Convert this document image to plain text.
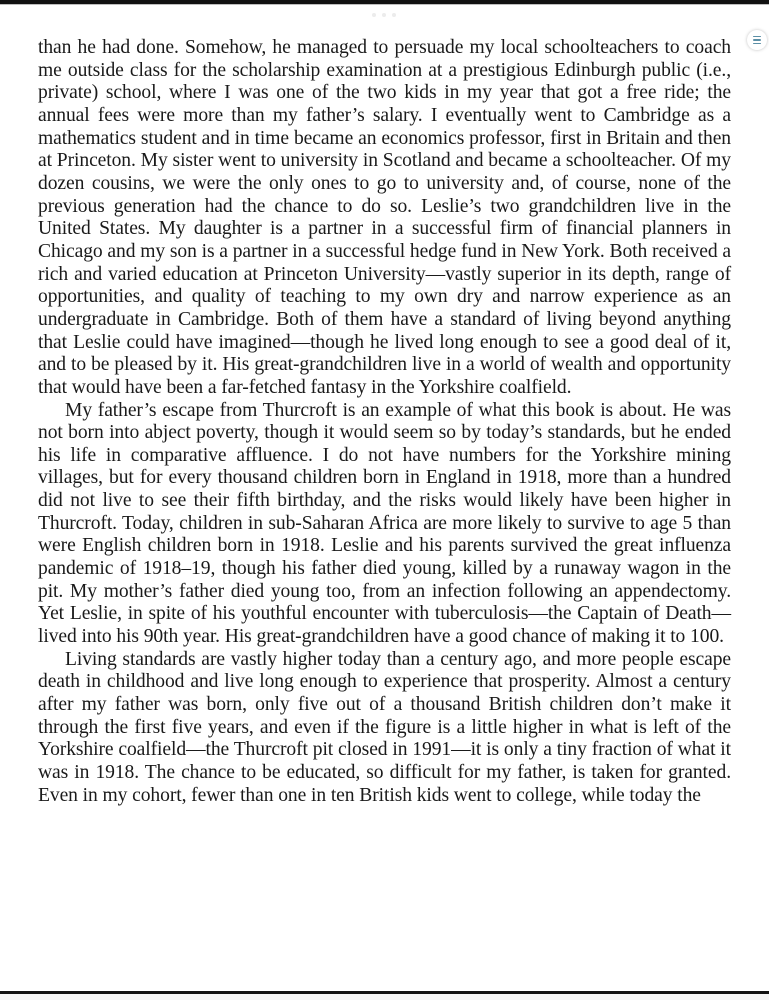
than he had done. Somehow, he managed to persuade my local schoolteachers to coach me outside class for the scholarship examination at a prestigious Edinburgh public (i.e., private) school, where I was one of the two kids in my year that got a free ride; the annual fees were more than my father’s salary. I eventually went to Cambridge as a mathematics student and in time became an economics professor, first in Britain and then at Princeton. My sister went to university in Scotland and became a schoolteacher. Of my dozen cousins, we were the only ones to go to university and, of course, none of the previous generation had the chance to do so. Leslie’s two grandchildren live in the United States. My daughter is a partner in a successful firm of financial planners in Chicago and my son is a partner in a successful hedge fund in New York. Both received a rich and varied education at Princeton University—vastly superior in its depth, range of opportunities, and quality of teaching to my own dry and narrow experience as an undergraduate in Cambridge. Both of them have a standard of living beyond anything that Leslie could have imagined—though he lived long enough to see a good deal of it, and to be pleased by it. His great-grandchildren live in a world of wealth and opportunity that would have been a far-fetched fantasy in the Yorkshire coalfield.

My father’s escape from Thurcroft is an example of what this book is about. He was not born into abject poverty, though it would seem so by today’s standards, but he ended his life in comparative affluence. I do not have numbers for the Yorkshire mining villages, but for every thousand children born in England in 1918, more than a hundred did not live to see their fifth birthday, and the risks would likely have been higher in Thurcroft. Today, children in sub-Saharan Africa are more likely to survive to age 5 than were English children born in 1918. Leslie and his parents survived the great influenza pandemic of 1918–19, though his father died young, killed by a runaway wagon in the pit. My mother’s father died young too, from an infection following an appendectomy. Yet Leslie, in spite of his youthful encounter with tuberculosis—the Captain of Death—lived into his 90th year. His great-grandchildren have a good chance of making it to 100.

Living standards are vastly higher today than a century ago, and more people escape death in childhood and live long enough to experience that prosperity. Almost a century after my father was born, only five out of a thousand British children don’t make it through the first five years, and even if the figure is a little higher in what is left of the Yorkshire coalfield—the Thurcroft pit closed in 1991—it is only a tiny fraction of what it was in 1918. The chance to be educated, so difficult for my father, is taken for granted. Even in my cohort, fewer than one in ten British kids went to college, while today the
